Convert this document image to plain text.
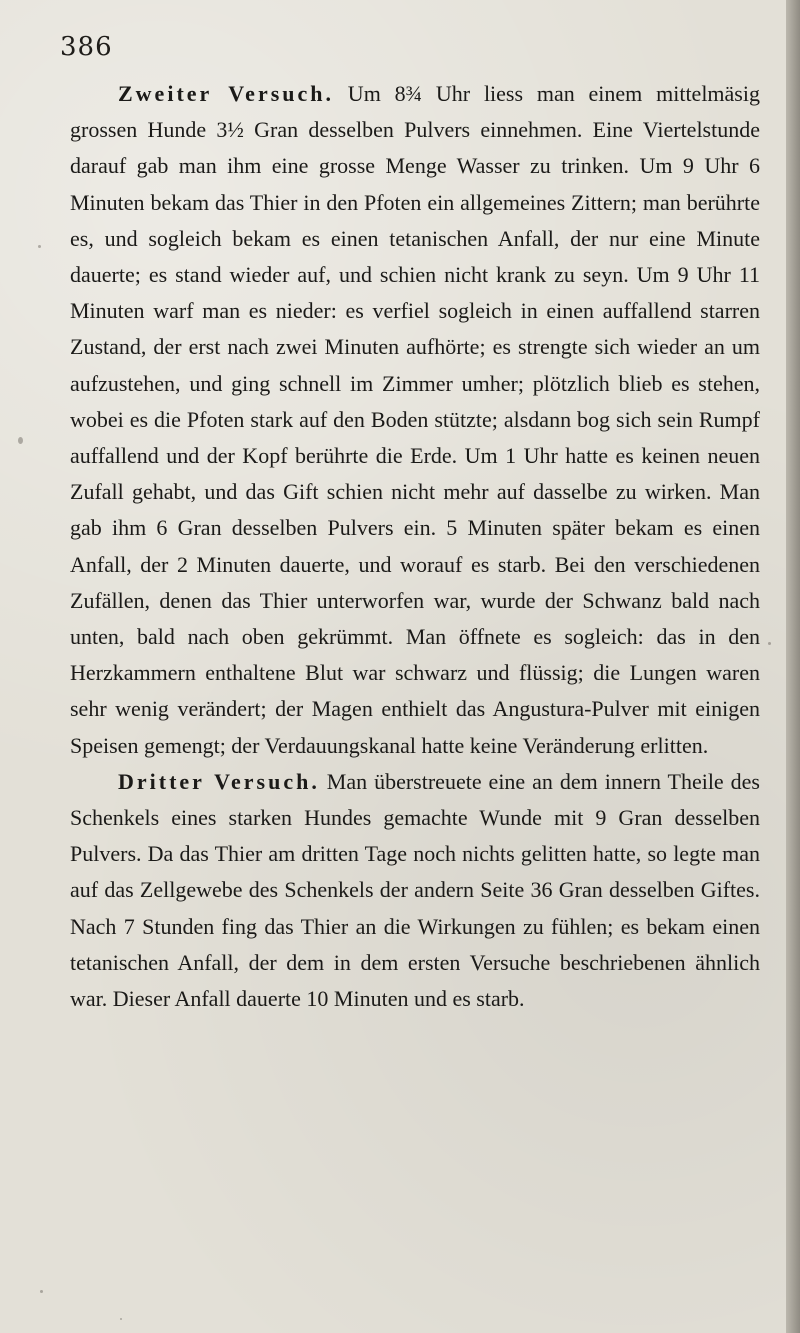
386

Zweiter Versuch. Um 8¾ Uhr liess man einem mittelmäsig grossen Hunde 3½ Gran desselben Pulvers einnehmen. Eine Viertelstunde darauf gab man ihm eine grosse Menge Wasser zu trinken. Um 9 Uhr 6 Minuten bekam das Thier in den Pfoten ein allgemeines Zittern; man berührte es, und sogleich bekam es einen tetanischen Anfall, der nur eine Minute dauerte; es stand wieder auf, und schien nicht krank zu seyn. Um 9 Uhr 11 Minuten warf man es nieder: es verfiel sogleich in einen auffallend starren Zustand, der erst nach zwei Minuten aufhörte; es strengte sich wieder an um aufzustehen, und ging schnell im Zimmer umher; plötzlich blieb es stehen, wobei es die Pfoten stark auf den Boden stützte; alsdann bog sich sein Rumpf auffallend und der Kopf berührte die Erde. Um 1 Uhr hatte es keinen neuen Zufall gehabt, und das Gift schien nicht mehr auf dasselbe zu wirken. Man gab ihm 6 Gran desselben Pulvers ein. 5 Minuten später bekam es einen Anfall, der 2 Minuten dauerte, und worauf es starb. Bei den verschiedenen Zufällen, denen das Thier unterworfen war, wurde der Schwanz bald nach unten, bald nach oben gekrümmt. Man öffnete es sogleich: das in den Herzkammern enthaltene Blut war schwarz und flüssig; die Lungen waren sehr wenig verändert; der Magen enthielt das Angustura-Pulver mit einigen Speisen gemengt; der Verdauungskanal hatte keine Veränderung erlitten.

Dritter Versuch. Man überstreuete eine an dem innern Theile des Schenkels eines starken Hundes gemachte Wunde mit 9 Gran desselben Pulvers. Da das Thier am dritten Tage noch nichts gelitten hatte, so legte man auf das Zellgewebe des Schenkels der andern Seite 36 Gran desselben Giftes. Nach 7 Stunden fing das Thier an die Wirkungen zu fühlen; es bekam einen tetanischen Anfall, der dem in dem ersten Versuche beschriebenen ähnlich war. Dieser Anfall dauerte 10 Minuten und es starb.
